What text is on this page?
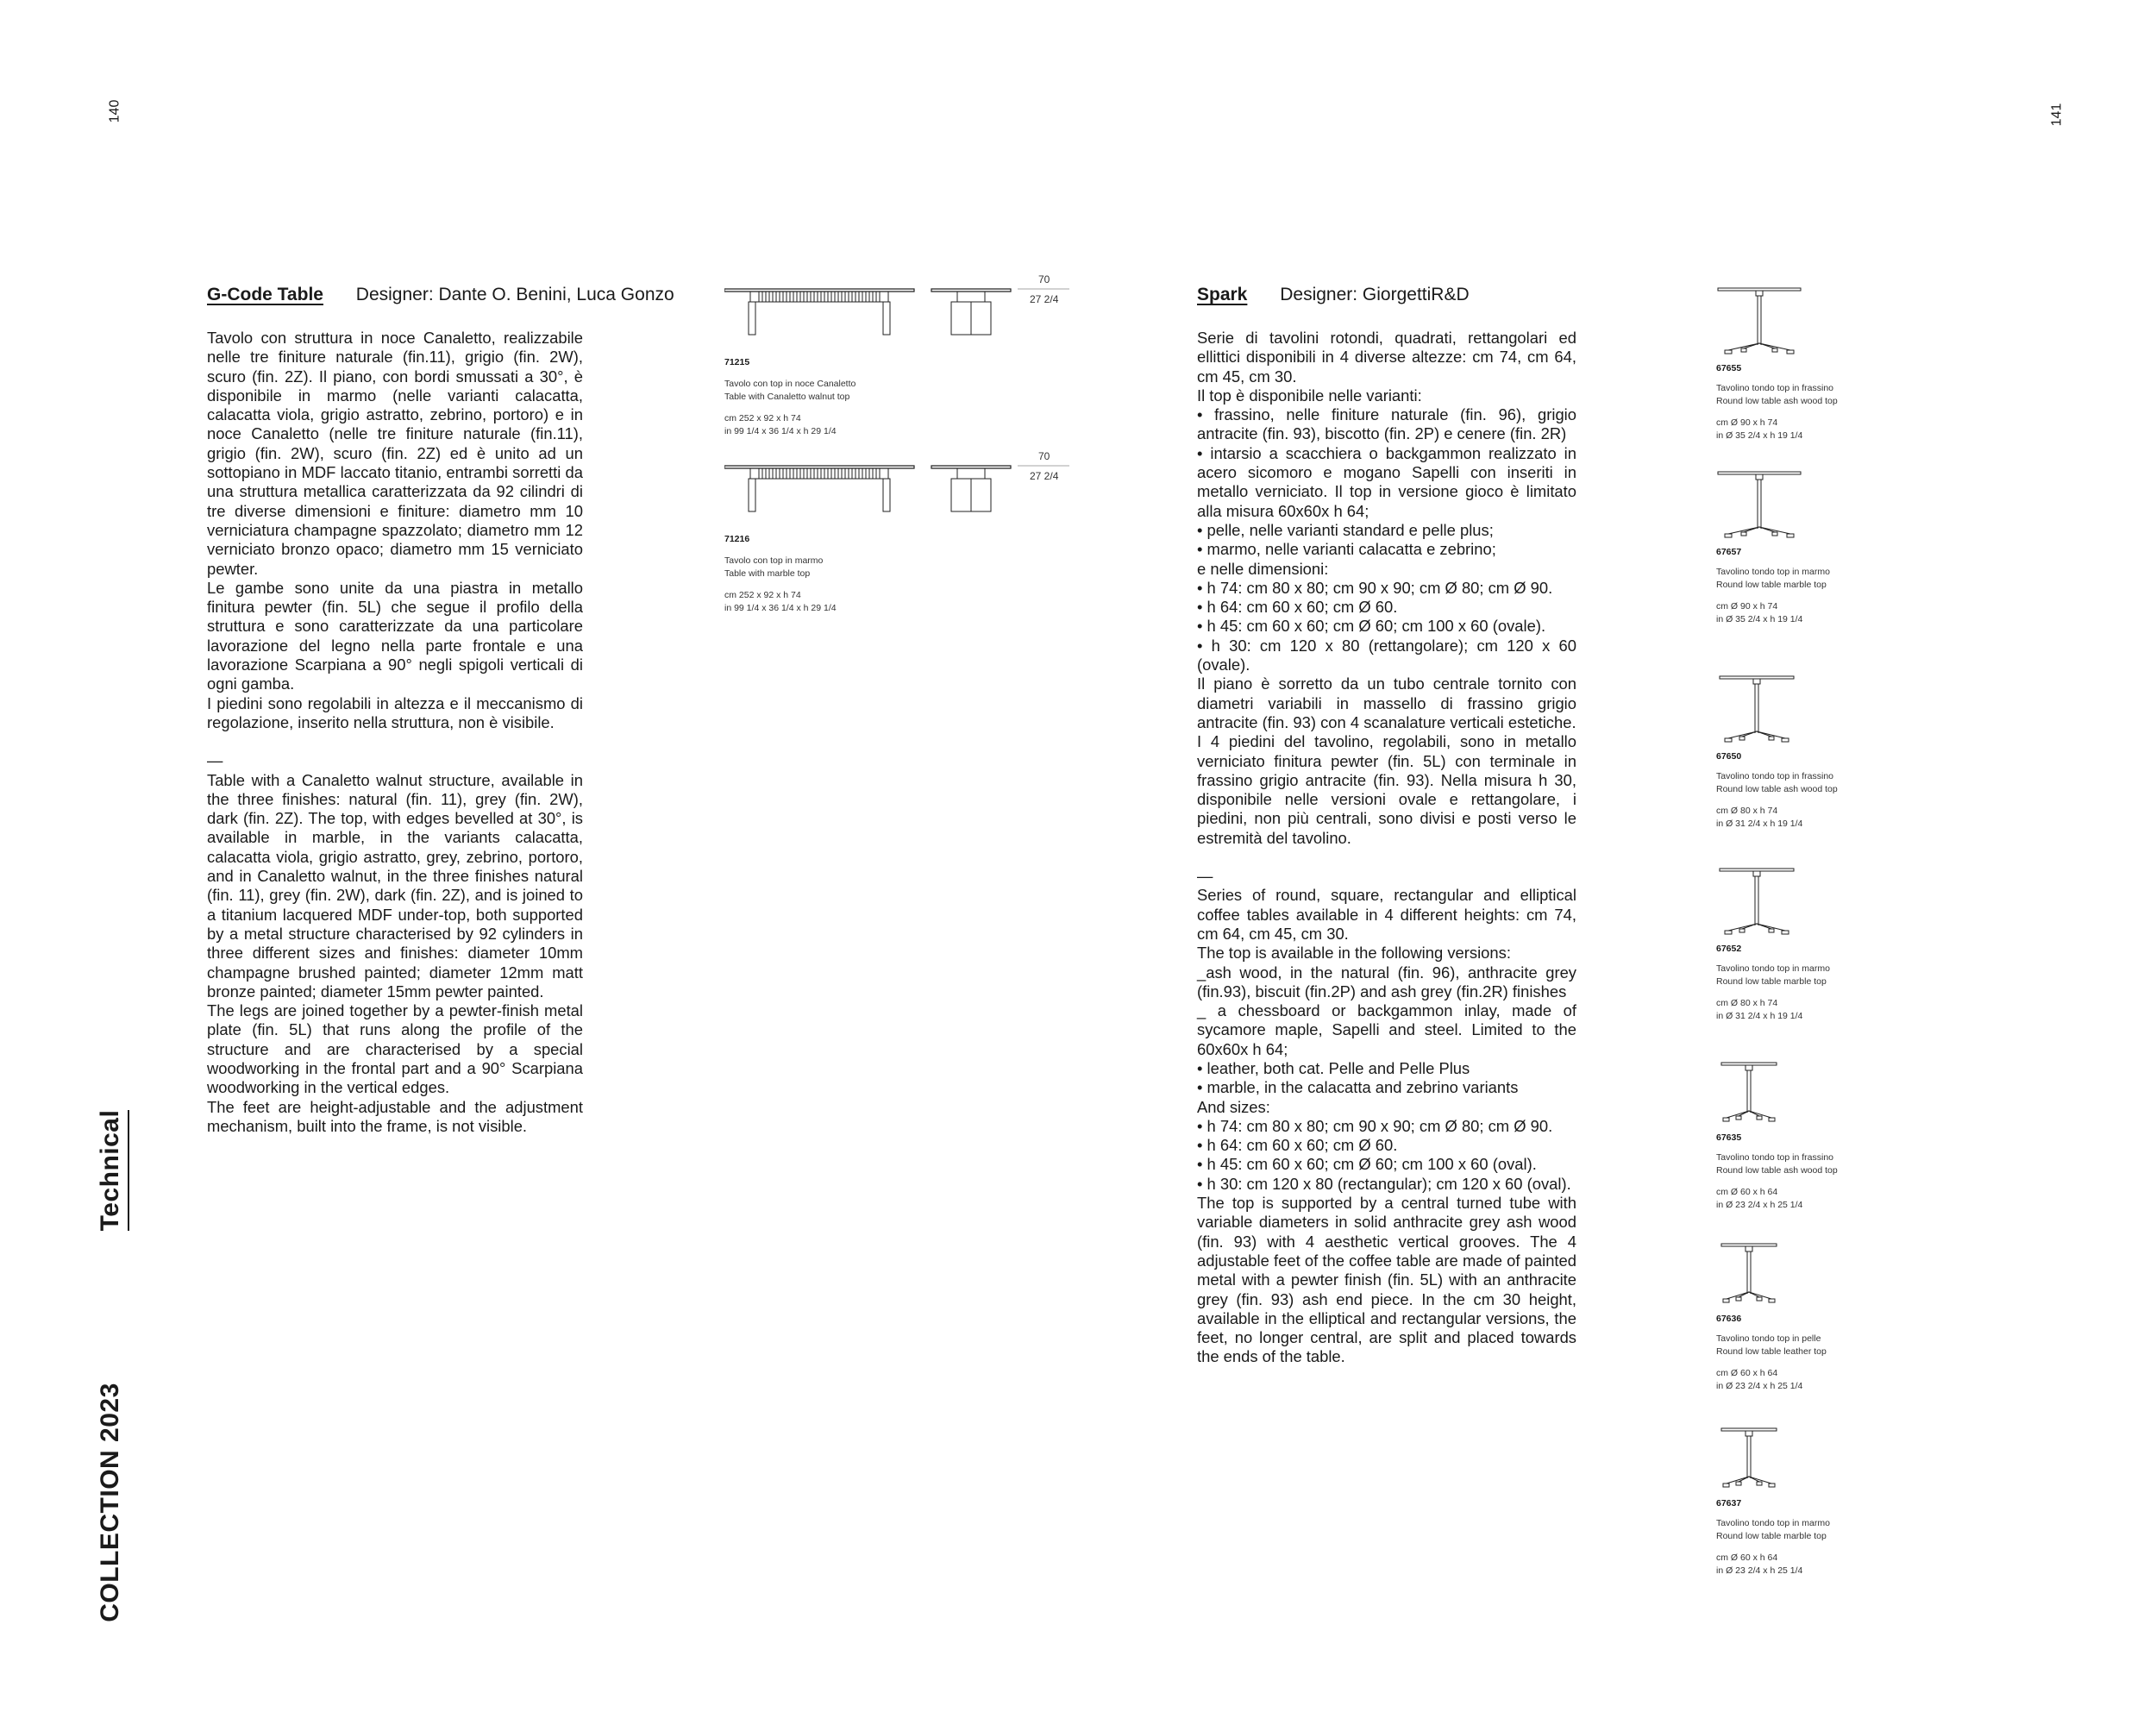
140	141
Technical
COLLECTION 2023
G-Code Table Designer: Dante O. Benini, Luca Gonzo

Tavolo con struttura in noce Canaletto, realizzabile nelle tre finiture naturale (fin.11), grigio (fin. 2W), scuro (fin. 2Z). Il piano, con bordi smussati a 30°, è disponibile in marmo (nelle varianti calacatta, calacatta viola, grigio astratto, zebrino, portoro) e in noce Canaletto (nelle tre finiture naturale (fin.11), grigio (fin. 2W), scuro (fin. 2Z) ed è unito ad un sottopiano in MDF laccato titanio, entrambi sorretti da una struttura metallica caratterizzata da 92 cilindri di tre diverse dimensioni e finiture: diametro mm 10 verniciatura champagne spazzolato; diametro mm 12 verniciato bronzo opaco; diametro mm 15 verniciato pewter.

Le gambe sono unite da una piastra in metallo finitura pewter (fin. 5L) che segue il profilo della struttura e sono caratterizzate da una particolare lavorazione del legno nella parte frontale e una lavorazione Scarpiana a 90° negli spigoli verticali di ogni gamba.

I piedini sono regolabili in altezza e il meccanismo di regolazione, inserito nella struttura, non è visibile.

—

Table with a Canaletto walnut structure, available in the three finishes: natural (fin. 11), grey (fin. 2W), dark (fin. 2Z). The top, with edges bevelled at 30°, is available in marble, in the variants calacatta, calacatta viola, grigio astratto, grey, zebrino, portoro, and in Canaletto walnut, in the three finishes natural (fin. 11), grey (fin. 2W), dark (fin. 2Z), and is joined to a titanium lacquered MDF under-top, both supported by a metal structure characterised by 92 cylinders in three different sizes and finishes: diameter 10mm champagne brushed painted; diameter 12mm matt bronze painted; diameter 15mm pewter painted.

The legs are joined together by a pewter-finish metal plate (fin. 5L) that runs along the profile of the structure and are characterised by a special woodworking in the frontal part and a 90° Scarpiana woodworking in the vertical edges.

The feet are height-adjustable and the adjustment mechanism, built into the frame, is not visible.

70
27 2/4
71215

Tavolo con top in noce Canaletto

Table with Canaletto walnut top

cm 252 x 92 x h 74

in 99 1/4 x 36 1/4 x h 29 1/4

70
27 2/4
71216

Tavolo con top in marmo

Table with marble top

cm 252 x 92 x h 74

in 99 1/4 x 36 1/4 x h 29 1/4

Spark Designer: GiorgettiR&D

Serie di tavolini rotondi, quadrati, rettangolari ed ellittici disponibili in 4 diverse altezze: cm 74, cm 64, cm 45, cm 30.

Il top è disponibile nelle varianti:

• frassino, nelle finiture naturale (fin. 96), grigio antracite (fin. 93), biscotto (fin. 2P) e cenere (fin. 2R)

• intarsio a scacchiera o backgammon realizzato in acero sicomoro e mogano Sapelli con inseriti in metallo verniciato. Il top in versione gioco è limitato alla misura 60x60x h 64;

• pelle, nelle varianti standard e pelle plus;

• marmo, nelle varianti calacatta e zebrino;

e nelle dimensioni:

• h 74: cm 80 x 80; cm 90 x 90; cm Ø 80; cm Ø 90.

• h 64: cm 60 x 60; cm Ø 60.

• h 45: cm 60 x 60; cm Ø 60; cm 100 x 60 (ovale).

• h 30: cm 120 x 80 (rettangolare); cm 120 x 60 (ovale).

Il piano è sorretto da un tubo centrale tornito con diametri variabili in massello di frassino grigio antracite (fin. 93) con 4 scanalature verticali estetiche.

I 4 piedini del tavolino, regolabili, sono in metallo verniciato finitura pewter (fin. 5L) con terminale in frassino grigio antracite (fin. 93). Nella misura h 30, disponibile nelle versioni ovale e rettangolare, i piedini, non più centrali, sono divisi e posti verso le estremità del tavolino.

—

Series of round, square, rectangular and elliptical coffee tables available in 4 different heights: cm 74, cm 64, cm 45, cm 30.

The top is available in the following versions:

_ash wood, in the natural (fin. 96), anthracite grey (fin.93), biscuit (fin.2P) and ash grey (fin.2R) finishes

_ a chessboard or backgammon inlay, made of sycamore maple, Sapelli and steel. Limited to the 60x60x h 64;

• leather, both cat. Pelle and Pelle Plus

• marble, in the calacatta and zebrino variants

And sizes:

• h 74: cm 80 x 80; cm 90 x 90; cm Ø 80; cm Ø 90.

• h 64: cm 60 x 60; cm Ø 60.

• h 45: cm 60 x 60; cm Ø 60; cm 100 x 60 (oval).

• h 30: cm 120 x 80 (rectangular); cm 120 x 60 (oval).

The top is supported by a central turned tube with variable diameters in solid anthracite grey ash wood (fin. 93) with 4 aesthetic vertical grooves. The 4 adjustable feet of the coffee table are made of painted metal with a pewter finish (fin. 5L) with an anthracite grey (fin. 93) ash end piece. In the cm 30 height, available in the elliptical and rectangular versions, the feet, no longer central, are split and placed towards the ends of the table.

67655

Tavolino tondo top in frassino

Round low table ash wood top

cm Ø 90 x h 74

in Ø 35 2/4 x h 19 1/4

67657

Tavolino tondo top in marmo

Round low table marble top

cm Ø 90 x h 74

in Ø 35 2/4 x h 19 1/4

67650

Tavolino tondo top in frassino

Round low table ash wood top

cm Ø 80 x h 74

in Ø 31 2/4 x h 19 1/4

67652

Tavolino tondo top in marmo

Round low table marble top

cm Ø 80 x h 74

in Ø 31 2/4 x h 19 1/4

67635

Tavolino tondo top in frassino

Round low table ash wood top

cm Ø 60 x h 64

in Ø 23 2/4 x h 25 1/4

67636

Tavolino tondo top in pelle

Round low table leather top

cm Ø 60 x h 64

in Ø 23 2/4 x h 25 1/4

67637

Tavolino tondo top in marmo

Round low table marble top

cm Ø 60 x h 64

in Ø 23 2/4 x h 25 1/4
